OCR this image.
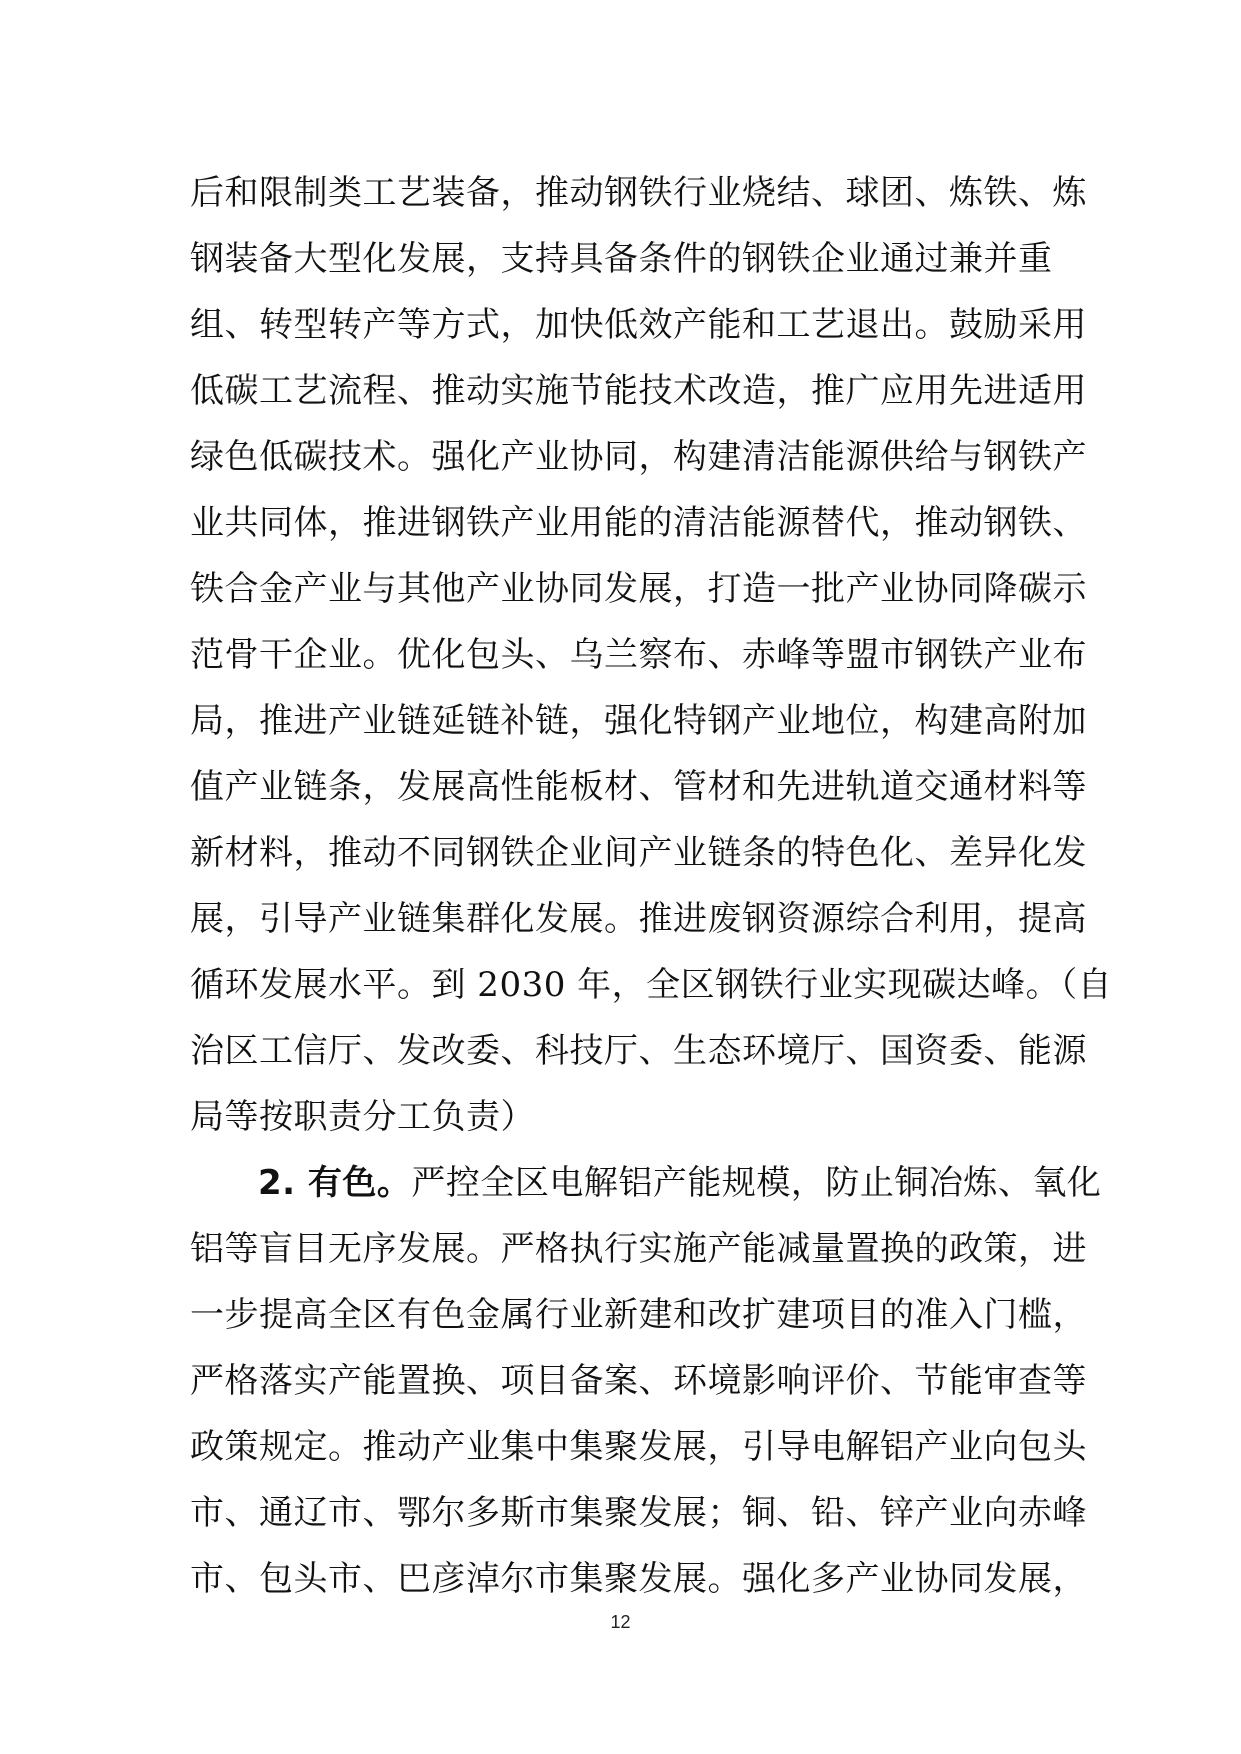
后和限制类工艺装备，推动钢铁行业烧结、球团、炼铁、炼
钢装备大型化发展，支持具备条件的钢铁企业通过兼并重
组、转型转产等方式，加快低效产能和工艺退出。鼓励采用
低碳工艺流程、推动实施节能技术改造，推广应用先进适用
绿色低碳技术。强化产业协同，构建清洁能源供给与钢铁产
业共同体，推进钢铁产业用能的清洁能源替代，推动钢铁、
铁合金产业与其他产业协同发展，打造一批产业协同降碳示
范骨干企业。优化包头、乌兰察布、赤峰等盟市钢铁产业布
局，推进产业链延链补链，强化特钢产业地位，构建高附加
值产业链条，发展高性能板材、管材和先进轨道交通材料等
新材料，推动不同钢铁企业间产业链条的特色化、差异化发
展，引导产业链集群化发展。推进废钢资源综合利用，提高
循环发展水平。到 2030 年，全区钢铁行业实现碳达峰。（自
治区工信厅、发改委、科技厅、生态环境厅、国资委、能源
局等按职责分工负责）
2. 有色。严控全区电解铝产能规模，防止铜冶炼、氧化
铝等盲目无序发展。严格执行实施产能减量置换的政策，进
一步提高全区有色金属行业新建和改扩建项目的准入门槛，
严格落实产能置换、项目备案、环境影响评价、节能审查等
政策规定。推动产业集中集聚发展，引导电解铝产业向包头
市、通辽市、鄂尔多斯市集聚发展；铜、铅、锌产业向赤峰
市、包头市、巴彦淖尔市集聚发展。强化多产业协同发展，
12
